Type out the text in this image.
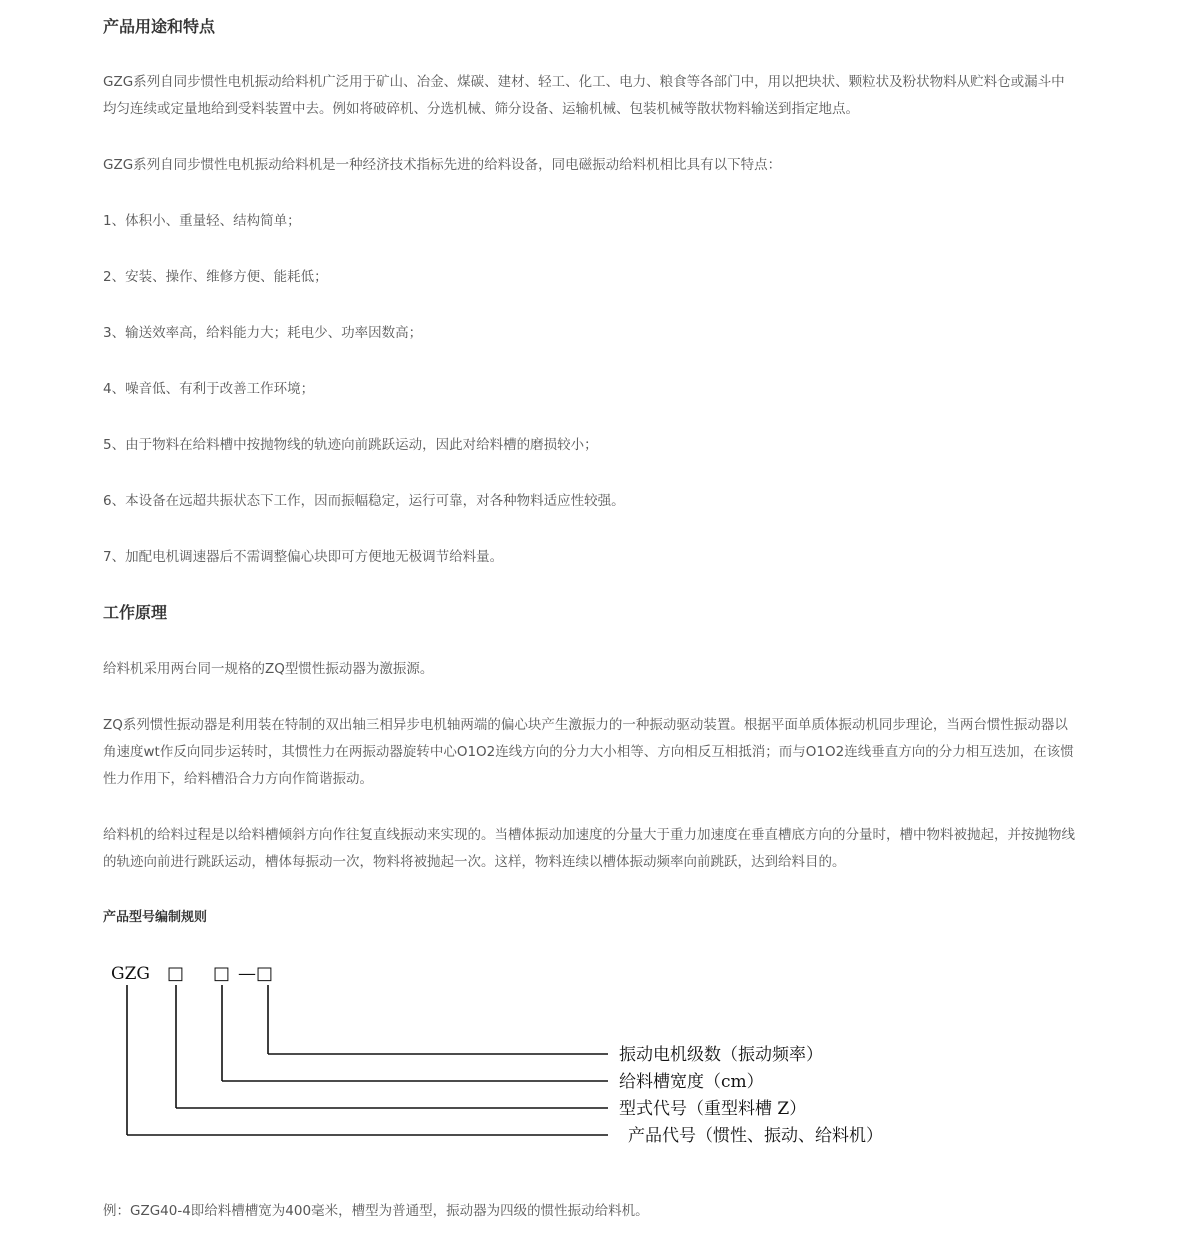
产品用途和特点
GZG系列自同步惯性电机振动给料机广泛用于矿山、冶金、煤碳、建材、轻工、化工、电力、粮食等各部门中，用以把块状、颗粒状及粉状物料从贮料仓或漏斗中均匀连续或定量地给到受料装置中去。例如将破碎机、分选机械、筛分设备、运输机械、包装机械等散状物料输送到指定地点。
GZG系列自同步惯性电机振动给料机是一种经济技术指标先进的给料设备，同电磁振动给料机相比具有以下特点：
1、体积小、重量轻、结构简单；
2、安装、操作、维修方便、能耗低；
3、输送效率高，给料能力大；耗电少、功率因数高；
4、噪音低、有利于改善工作环境；
5、由于物料在给料槽中按抛物线的轨迹向前跳跃运动，因此对给料槽的磨损较小；
6、本设备在远超共振状态下工作，因而振幅稳定，运行可靠，对各种物料适应性较强。
7、加配电机调速器后不需调整偏心块即可方便地无极调节给料量。
工作原理
给料机采用两台同一规格的ZQ型惯性振动器为激振源。
ZQ系列惯性振动器是利用装在特制的双出轴三相异步电机轴两端的偏心块产生激振力的一种振动驱动装置。根据平面单质体振动机同步理论，当两台惯性振动器以角速度wt作反向同步运转时，其惯性力在两振动器旋转中心O1O2连线方向的分力大小相等、方向相反互相抵消；而与O1O2连线垂直方向的分力相互迭加，在该惯性力作用下，给料槽沿合力方向作简谐振动。
给料机的给料过程是以给料槽倾斜方向作往复直线振动来实现的。当槽体振动加速度的分量大于重力加速度在垂直槽底方向的分量时，槽中物料被抛起，并按抛物线的轨迹向前进行跳跃运动，槽体每振动一次，物料将被抛起一次。这样，物料连续以槽体振动频率向前跳跃，达到给料目的。
产品型号编制规则
例：GZG40-4即给料槽槽宽为400毫米，槽型为普通型，振动器为四级的惯性振动给料机。
GZG □ □ —□
振动电机级数（振动频率）
给料槽宽度（cm）
型式代号（重型料槽 Z）
产品代号（惯性、振动、给料机）
